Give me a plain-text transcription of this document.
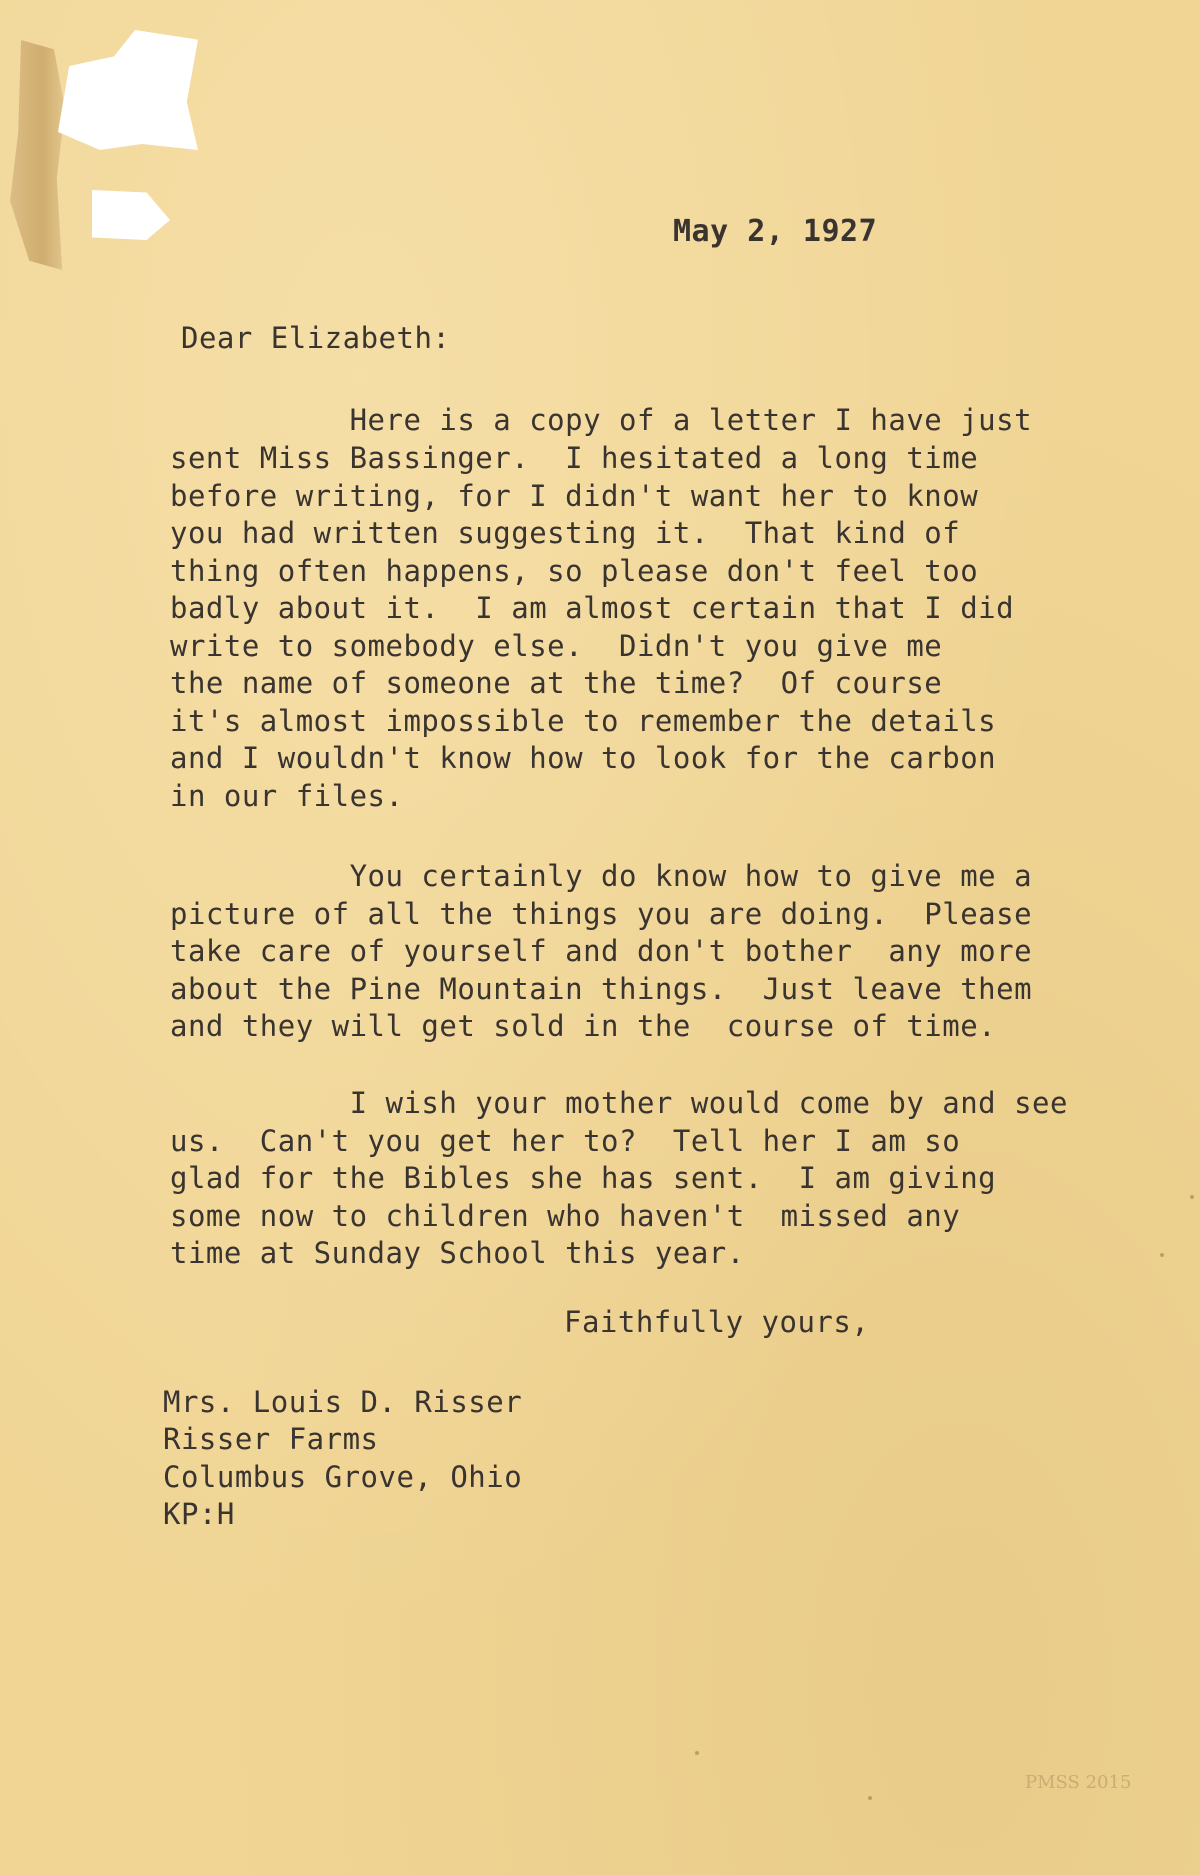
May 2, 1927
Dear Elizabeth:
Here is a copy of a letter I have just
sent Miss Bassinger.  I hesitated a long time
before writing, for I didn't want her to know
you had written suggesting it.  That kind of
thing often happens, so please don't feel too
badly about it.  I am almost certain that I did
write to somebody else.  Didn't you give me
the name of someone at the time?  Of course
it's almost impossible to remember the details
and I wouldn't know how to look for the carbon
in our files.
You certainly do know how to give me a
picture of all the things you are doing.  Please
take care of yourself and don't bother  any more
about the Pine Mountain things.  Just leave them
and they will get sold in the  course of time.
I wish your mother would come by and see
us.  Can't you get her to?  Tell her I am so
glad for the Bibles she has sent.  I am giving
some now to children who haven't  missed any
time at Sunday School this year.
Faithfully yours,
Mrs. Louis D. Risser
Risser Farms
Columbus Grove, Ohio
KP:H
PMSS 2015
